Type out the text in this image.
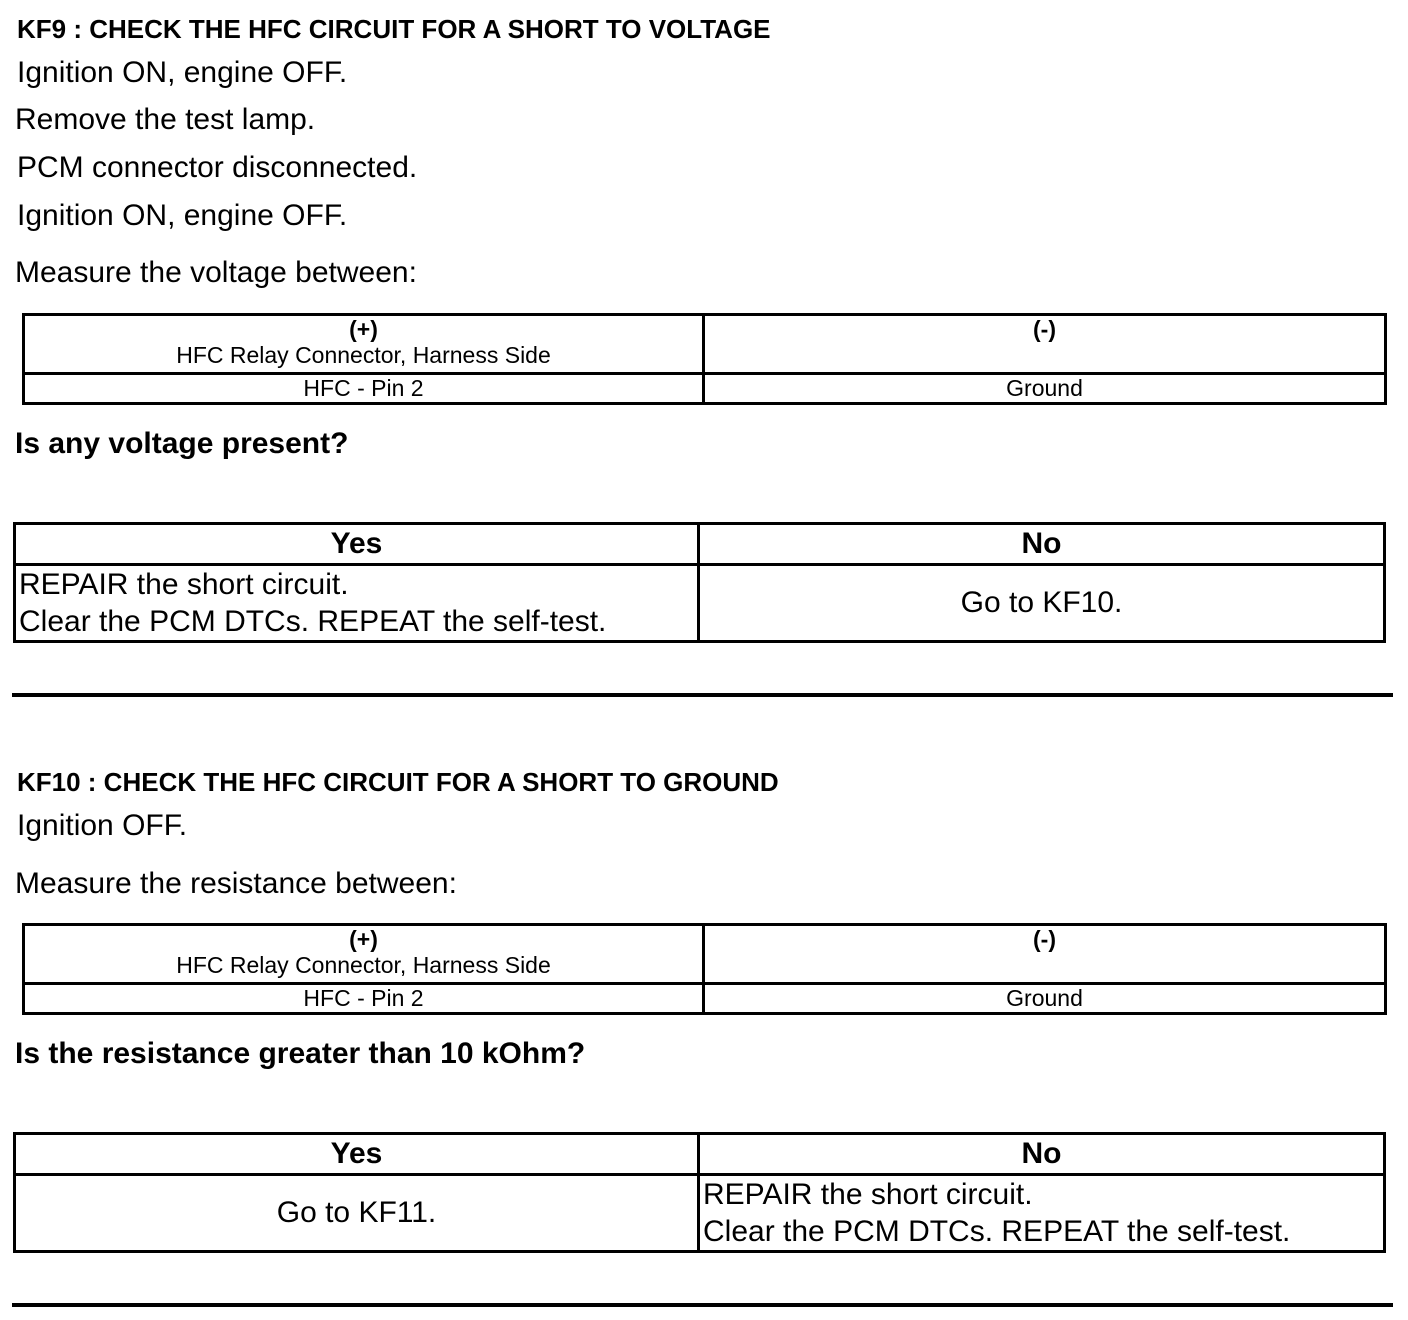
KF9 : CHECK THE HFC CIRCUIT FOR A SHORT TO VOLTAGE
Ignition ON, engine OFF.
Remove the test lamp.
PCM connector disconnected.
Ignition ON, engine OFF.
Measure the voltage between:
(+)
HFC Relay Connector, Harness Side	(-)

HFC - Pin 2	Ground
Is any voltage present?
Yes	No

REPAIR the short circuit.
Clear the PCM DTCs. REPEAT the self-test.	Go to KF10.
KF10 : CHECK THE HFC CIRCUIT FOR A SHORT TO GROUND
Ignition OFF.
Measure the resistance between:
(+)
HFC Relay Connector, Harness Side	(-)

HFC - Pin 2	Ground
Is the resistance greater than 10 kOhm?
Yes	No
Go to KF11.	REPAIR the short circuit.
Clear the PCM DTCs. REPEAT the self-test.
